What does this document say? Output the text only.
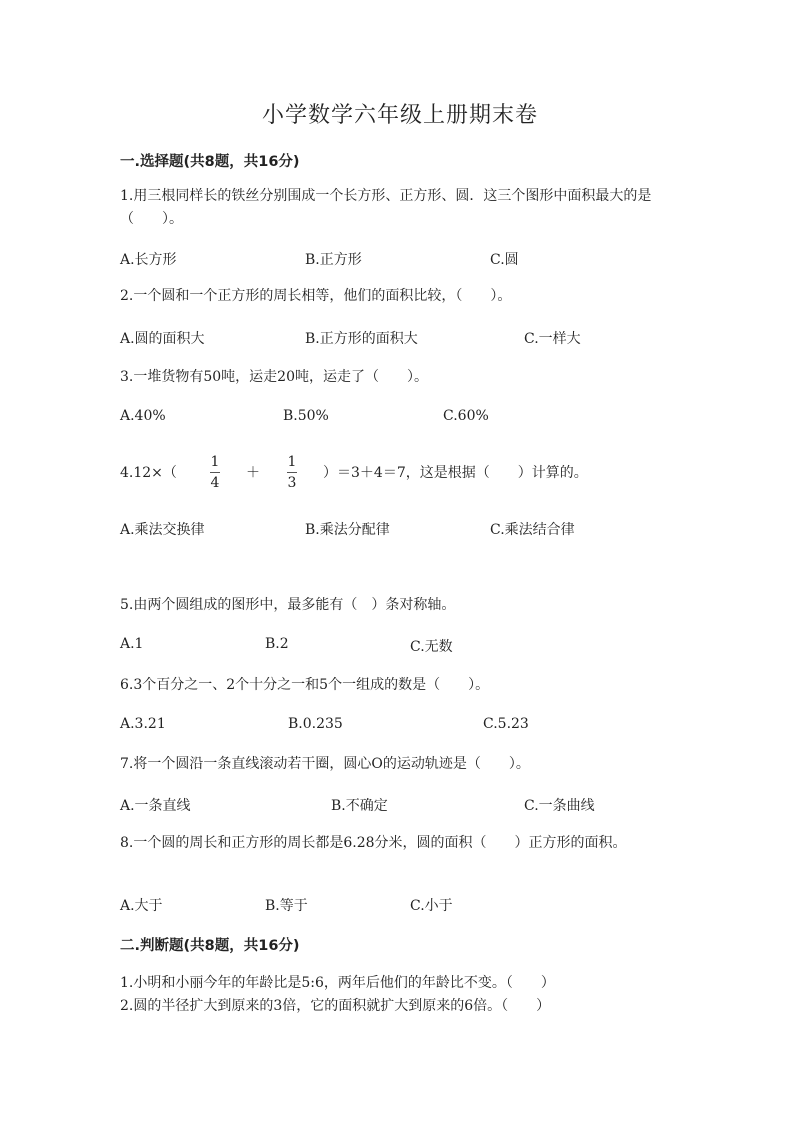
小学数学六年级上册期末卷
一.选择题(共8题，共16分)
1.用三根同样长的铁丝分别围成一个长方形、正方形、圆．这三个图形中面积最大的是（　　）。
A.长方形	B.正方形	C.圆
2.一个圆和一个正方形的周长相等，他们的面积比较，（　　）。
A.圆的面积大	B.正方形的面积大	C.一样大
3.一堆货物有50吨，运走20吨，运走了（　　）。
A.40%	B.50%	C.60%
4.12×（
1
4
＋
1
3
）＝3＋4＝7，这是根据（　　）计算的。
A.乘法交换律	B.乘法分配律	C.乘法结合律
5.由两个圆组成的图形中，最多能有（　）条对称轴。
A.1	B.2	C.无数
6.3个百分之一、2个十分之一和5个一组成的数是（　　）。
A.3.21	B.0.235	C.5.23
7.将一个圆沿一条直线滚动若干圈，圆心O的运动轨迹是（　　）。
A.一条直线	B.不确定	C.一条曲线
8.一个圆的周长和正方形的周长都是6.28分米，圆的面积（　　）正方形的面积。
A.大于	B.等于	C.小于
二.判断题(共8题，共16分)
1.小明和小丽今年的年龄比是5:6，两年后他们的年龄比不变。（　　）
2.圆的半径扩大到原来的3倍，它的面积就扩大到原来的6倍。（　　）
